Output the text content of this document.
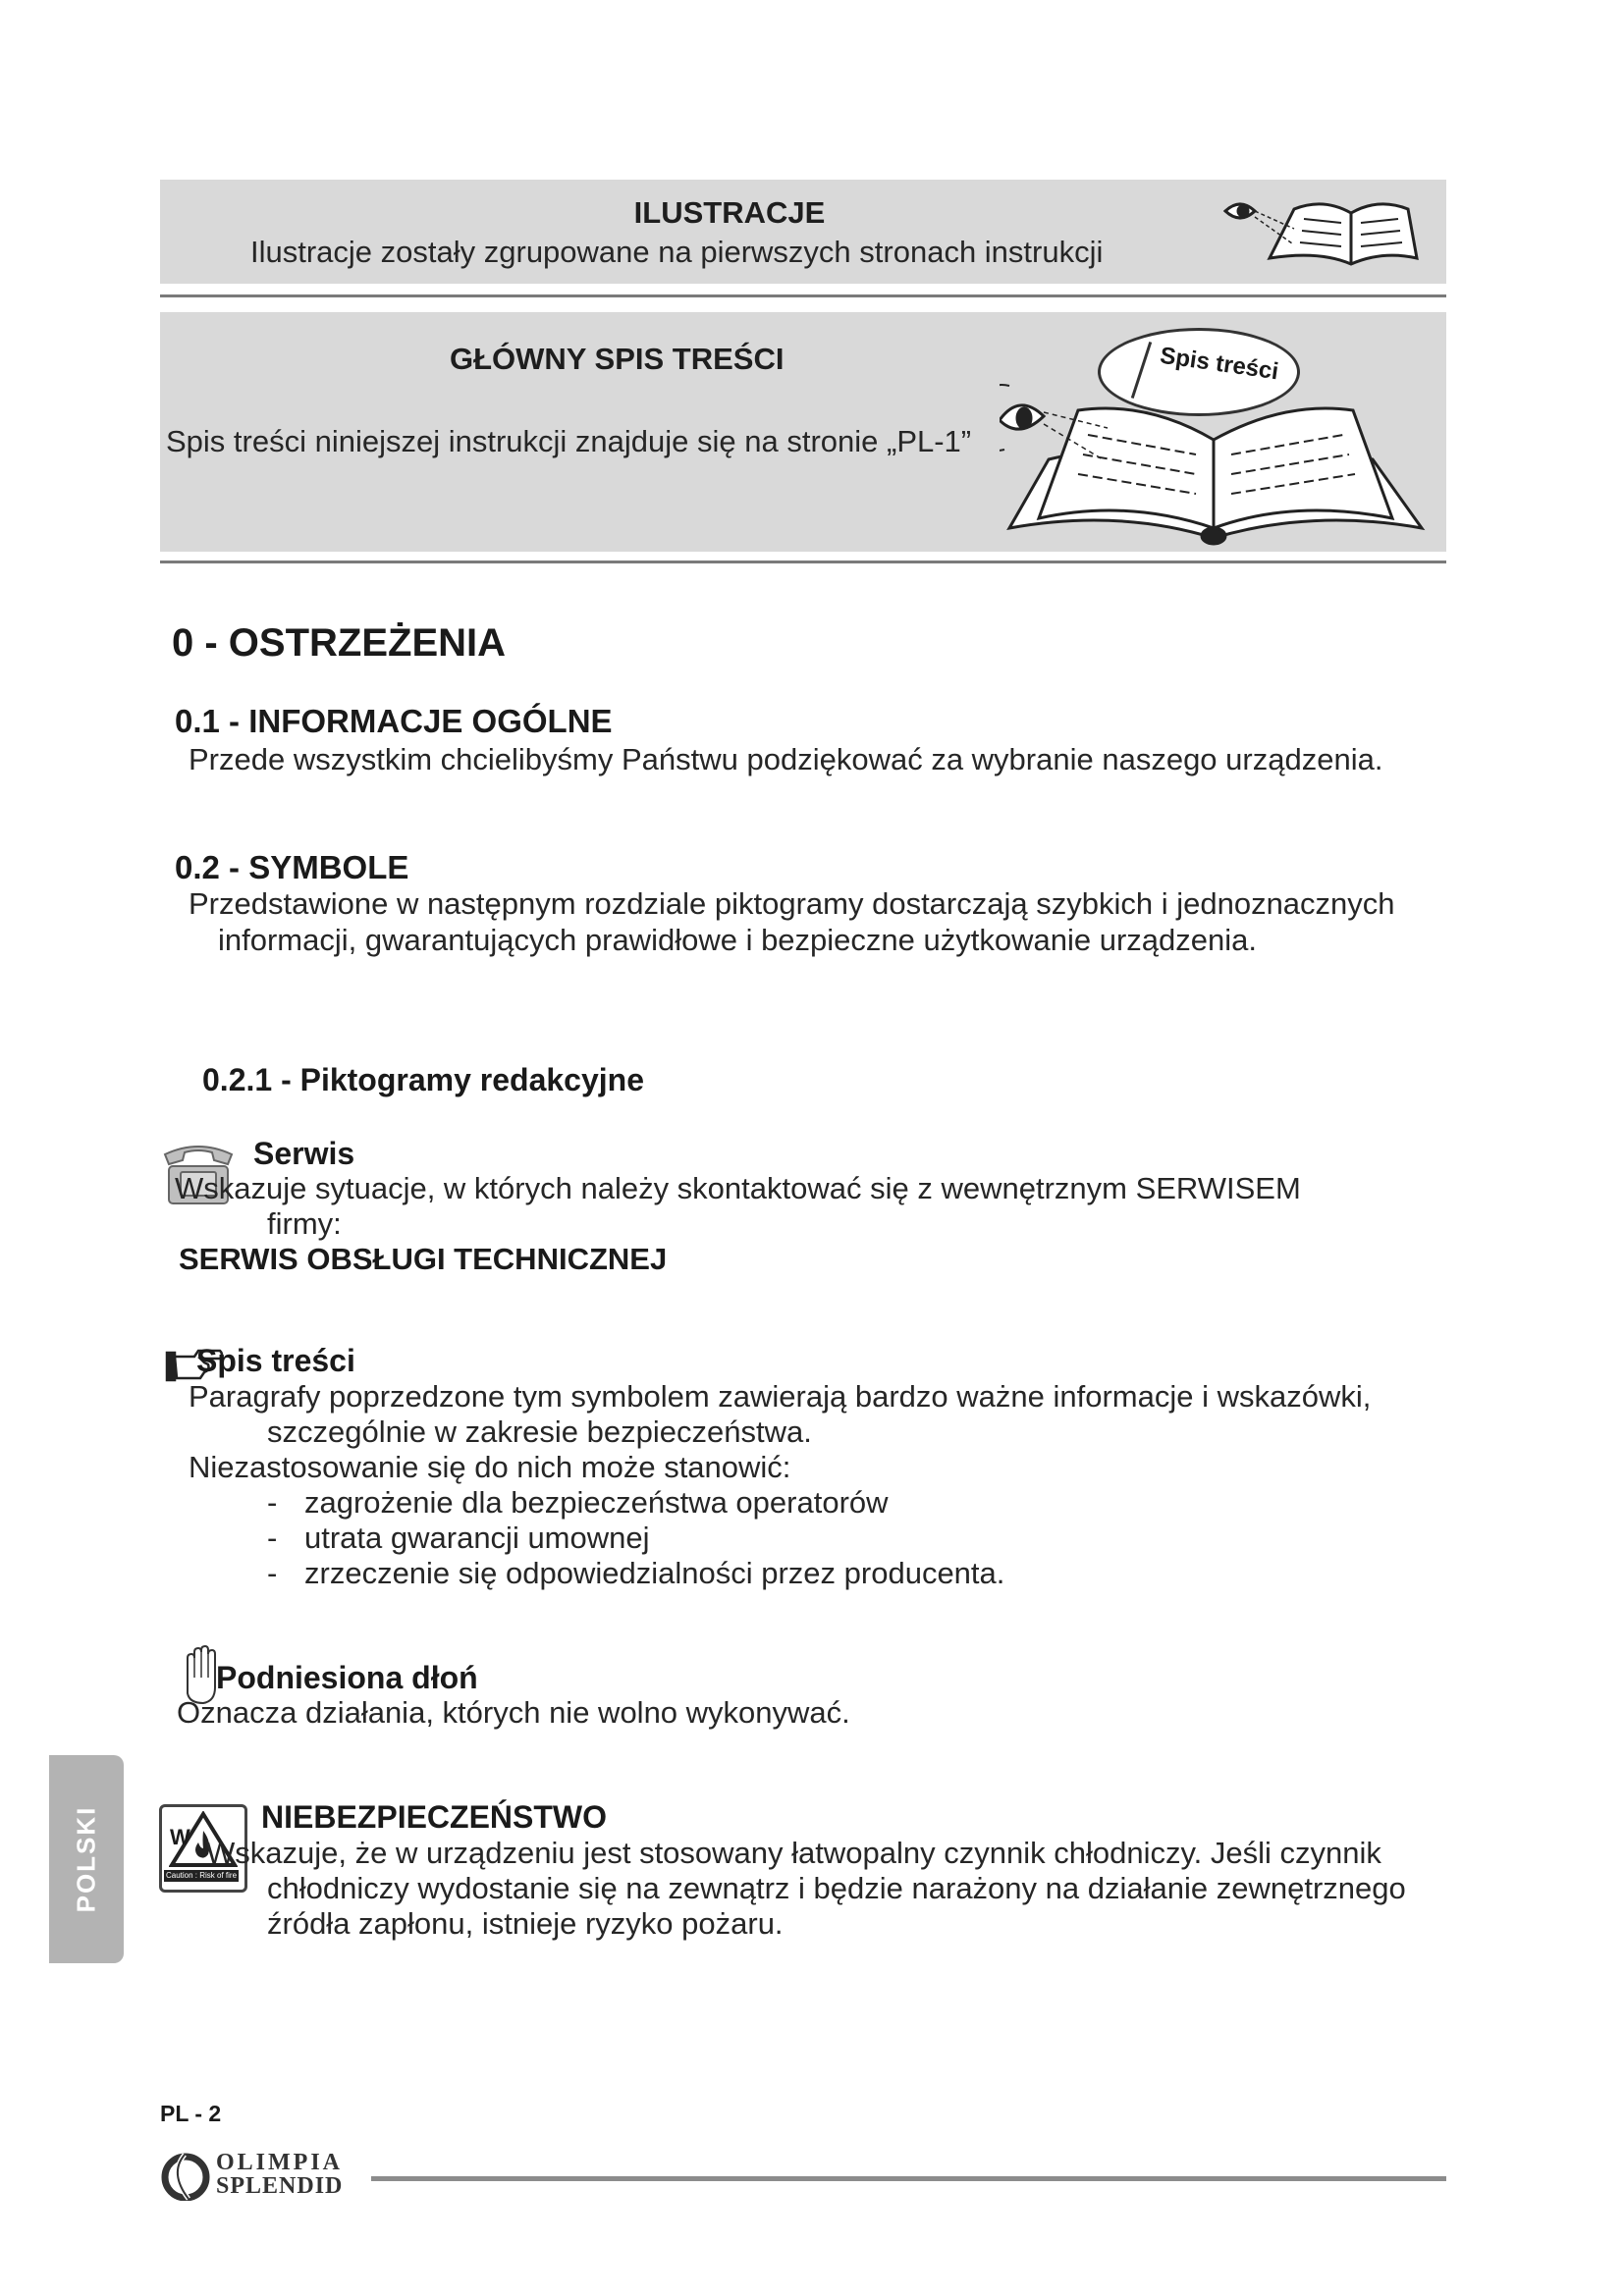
ILUSTRACJE
Ilustracje zostały zgrupowane na pierwszych stronach instrukcji
GŁÓWNY SPIS TREŚCI
Spis treści niniejszej instrukcji znajduje się na stronie „PL-1”
Spis treści
0 - OSTRZEŻENIA
0.1 - INFORMACJE OGÓLNE
Przede wszystkim chcielibyśmy Państwu podziękować za wybranie naszego urządzenia.
0.2 - SYMBOLE
Przedstawione w następnym rozdziale piktogramy dostarczają szybkich i jednoznacznych
informacji, gwarantujących prawidłowe i bezpieczne użytkowanie urządzenia.
0.2.1 - Piktogramy redakcyjne
Serwis
Wskazuje sytuacje, w których należy skontaktować się z wewnętrznym SERWISEM
firmy:
SERWIS OBSŁUGI TECHNICZNEJ
Spis treści
Paragrafy poprzedzone tym symbolem zawierają bardzo ważne informacje i wskazówki,
szczególnie w zakresie bezpieczeństwa.
Niezastosowanie się do nich może stanowić:
- zagrożenie dla bezpieczeństwa operatorów
- utrata gwarancji umownej
- zrzeczenie się odpowiedzialności przez producenta.
Podniesiona dłoń
Oznacza działania, których nie wolno wykonywać.
POLSKI	W
Caution : Risk of fire
NIEBEZPIECZEŃSTWO
Wskazuje, że w urządzeniu jest stosowany łatwopalny czynnik chłodniczy. Jeśli czynnik
chłodniczy wydostanie się na zewnątrz i będzie narażony na działanie zewnętrznego
źródła zapłonu, istnieje ryzyko pożaru.
PL - 2
OLIMPIA
SPLENDID
